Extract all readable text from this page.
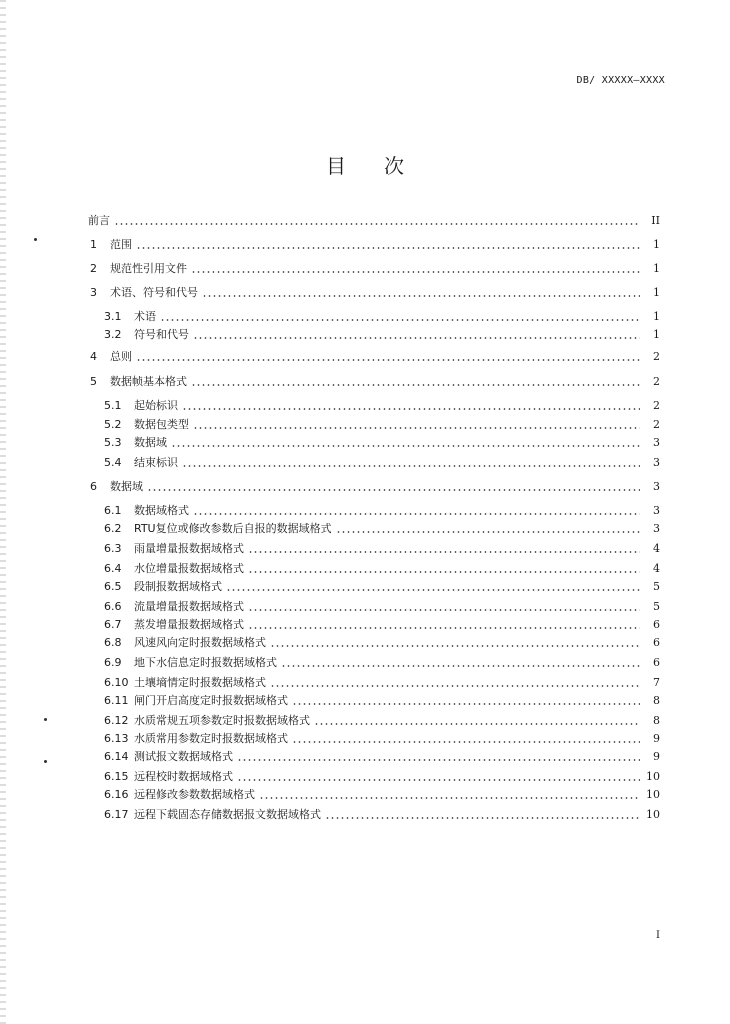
DB/ XXXXX—XXXX
目次
前言	II
1	范围	1
2	规范性引用文件	1
3	术语、符号和代号	1
3.1	术语	1
3.2	符号和代号	1
4	总则	2
5	数据帧基本格式	2
5.1	起始标识	2
5.2	数据包类型	2
5.3	数据域	3
5.4	结束标识	3
6	数据域	3
6.1	数据域格式	3
6.2	RTU复位或修改参数后自报的数据域格式	3
6.3	雨量增量报数据域格式	4
6.4	水位增量报数据域格式	4
6.5	段制报数据域格式	5
6.6	流量增量报数据域格式	5
6.7	蒸发增量报数据域格式	6
6.8	风速风向定时报数据域格式	6
6.9	地下水信息定时报数据域格式	6
6.10 土壤墒情定时报数据域格式	7
6.11 闸门开启高度定时报数据域格式	8
6.12 水质常规五项参数定时报数据域格式	8
6.13 水质常用参数定时报数据域格式	9
6.14 测试报文数据域格式	9
6.15 远程校时数据域格式	10
6.16 远程修改参数数据域格式	10
6.17 远程下载固态存储数据报文数据域格式	10
I
